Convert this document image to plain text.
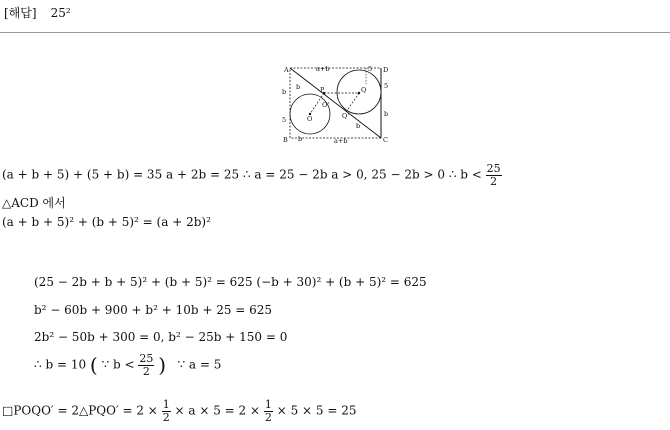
[해답] 25²
A	D
B	C
P	Q
O	Q'
O'
a+b	5
a+b
b
5
5
b
b
b
b
(a + b + 5) + (5 + b) = 35 a + 2b = 25 ∴ a = 25 − 2b a > 0, 25 − 2b > 0 ∴ $b < \frac{25}{2}$
△ACD 에서
(a + b + 5)² + (b + 5)² = (a + 2b)²
(25 − 2b + b + 5)² + (b + 5)² = 625 (−b + 30)² + (b + 5)² = 625
b² − 60b + 900 + b² + 10b + 25 = 625
2b² − 50b + 300 = 0, b² − 25b + 150 = 0
∴ b = 10 ( ∵ $b < \frac{25}{2}$ ) ∵ a = 5
□POQO′ = 2△PQO′ = $2 \times \frac{1}{2} \times a \times 5 = 2 \times \frac{1}{2} \times 5 \times 5 = 25$
